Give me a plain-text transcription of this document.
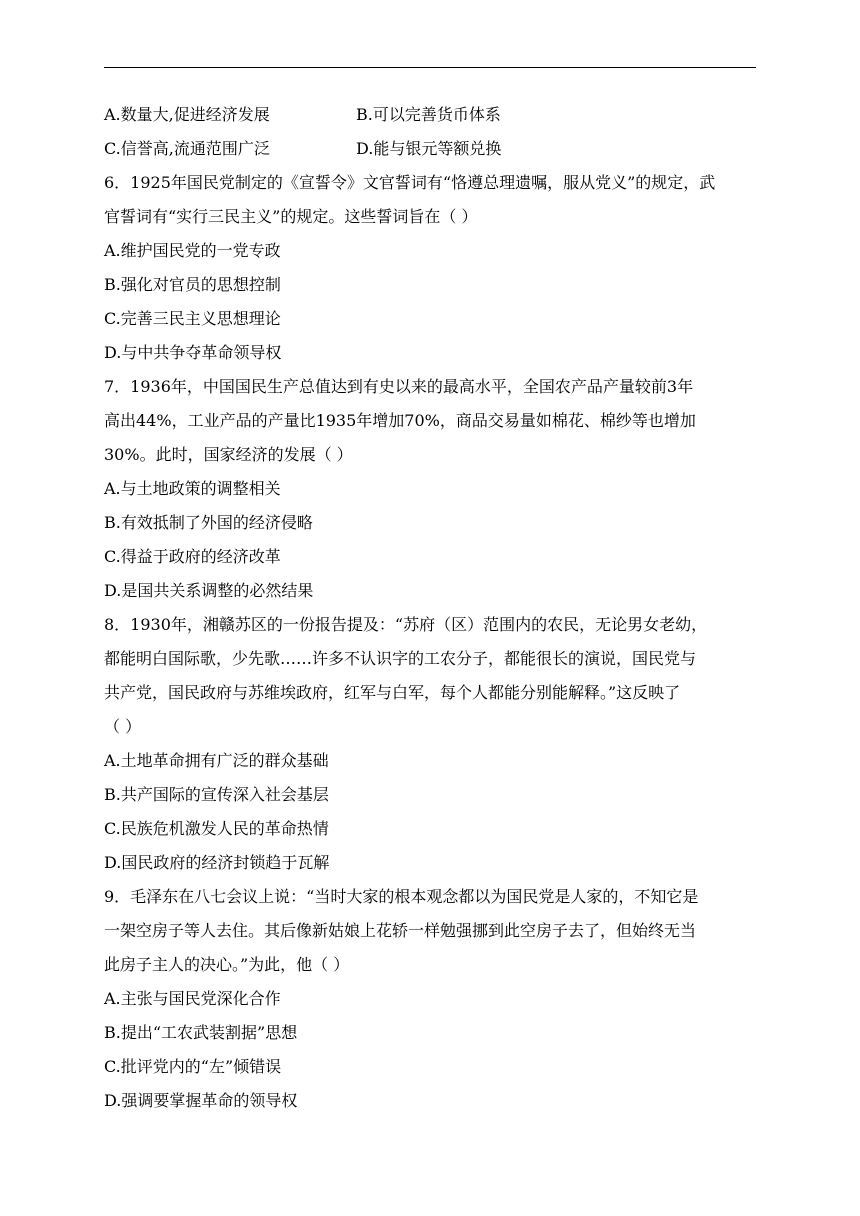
A.数量大,促进经济发展	B.可以完善货币体系
C.信誉高,流通范围广泛	D.能与银元等额兑换
6．1925年国民党制定的《宣誓令》文官誓词有“恪遵总理遗嘱，服从党义”的规定，武
官誓词有“实行三民主义”的规定。这些誓词旨在（ ）
A.维护国民党的一党专政
B.强化对官员的思想控制
C.完善三民主义思想理论
D.与中共争夺革命领导权
7．1936年，中国国民生产总值达到有史以来的最高水平，全国农产品产量较前3年
高出44%，工业产品的产量比1935年增加70%，商品交易量如棉花、棉纱等也增加
30%。此时，国家经济的发展（ ）
A.与土地政策的调整相关
B.有效抵制了外国的经济侵略
C.得益于政府的经济改革
D.是国共关系调整的必然结果
8．1930年，湘赣苏区的一份报告提及：“苏府（区）范围内的农民，无论男女老幼，
都能明白国际歌，少先歌……许多不认识字的工农分子，都能很长的演说，国民党与
共产党，国民政府与苏维埃政府，红军与白军，每个人都能分别能解释。”这反映了
（ ）
A.土地革命拥有广泛的群众基础
B.共产国际的宣传深入社会基层
C.民族危机激发人民的革命热情
D.国民政府的经济封锁趋于瓦解
9．毛泽东在八七会议上说：“当时大家的根本观念都以为国民党是人家的，不知它是
一架空房子等人去住。其后像新姑娘上花轿一样勉强挪到此空房子去了，但始终无当
此房子主人的决心。”为此，他（ ）
A.主张与国民党深化合作
B.提出“工农武装割据”思想
C.批评党内的“左”倾错误
D.强调要掌握革命的领导权
